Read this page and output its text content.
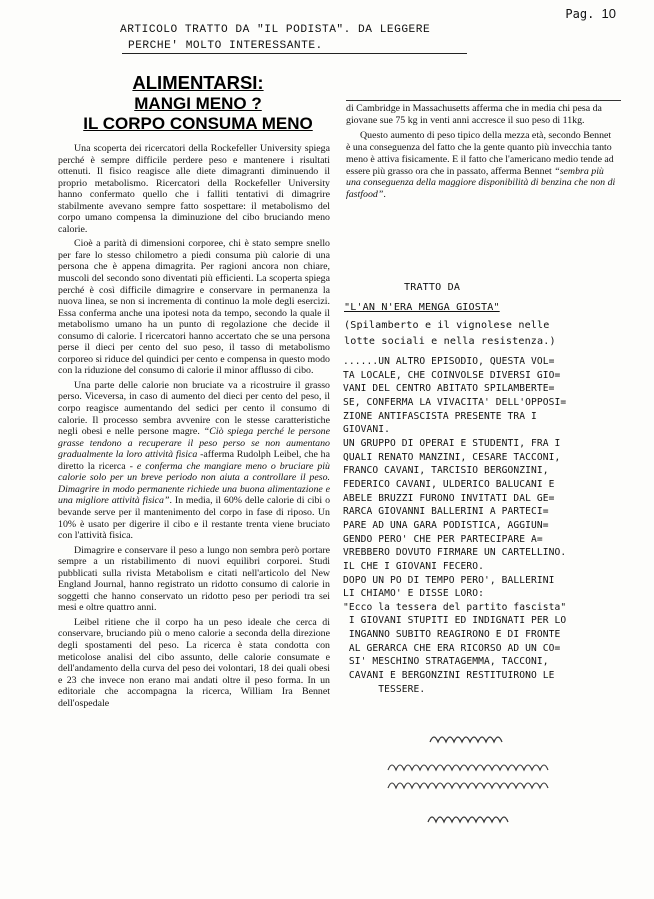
Pag. 10
ARTICOLO TRATTO DA "IL PODISTA". DA LEGGERE
PERCHE' MOLTO INTERESSANTE.
ALIMENTARSI:
MANGI MENO ?
IL CORPO CONSUMA MENO

Una scoperta dei ricercatori della Rockefeller University spiega perché è sempre difficile perdere peso e mantenere i risultati ottenuti. Il fisico reagisce alle diete dimagranti diminuendo il proprio metabolismo. Ricercatori della Rockefeller University hanno confermato quello che i falliti tentativi di dimagrire stabilmente avevano sempre fatto sospettare: il metabolismo del corpo umano compensa la diminuzione del cibo bruciando meno calorie.

Cioè a parità di dimensioni corporee, chi è stato sempre snello per fare lo stesso chilometro a piedi consuma più calorie di una persona che è appena dimagrita. Per ragioni ancora non chiare, muscoli del secondo sono diventati più efficienti. La scoperta spiega perché è così difficile dimagrire e conservare in permanenza la nuova linea, se non si incrementa di continuo la mole degli esercizi. Essa conferma anche una ipotesi nota da tempo, secondo la quale il metabolismo umano ha un punto di regolazione che decide il consumo di calorie. I ricercatori hanno accertato che se una persona perse il dieci per cento del suo peso, il tasso di metabolismo corporeo si riduce del quindici per cento e compensa in questo modo con la riduzione del consumo di calorie il minor afflusso di cibo.

Una parte delle calorie non bruciate va a ricostruire il grasso perso. Viceversa, in caso di aumento del dieci per cento del peso, il corpo reagisce aumentando del sedici per cento il consumo di calorie. Il processo sembra avvenire con le stesse caratteristiche negli obesi e nelle persone magre. “Ciò spiega perché le persone grasse tendono a recuperare il peso perso se non aumentano gradualmente la loro attività fisica -afferma Rudolph Leibel, che ha diretto la ricerca - e conferma che mangiare meno o bruciare più calorie solo per un breve periodo non aiuta a controllare il peso. Dimagrire in modo permanente richiede una buona alimentazione e una migliore attività fisica”. In media, il 60% delle calorie di cibi o bevande serve per il mantenimento del corpo in fase di riposo. Un 10% è usato per digerire il cibo e il restante trenta viene bruciato con l'attività fisica.

Dimagrire e conservare il peso a lungo non sembra però portare sempre a un ristabilimento di nuovi equilibri corporei. Studi pubblicati sulla rivista Metabolism e citati nell'articolo del New England Journal, hanno registrato un ridotto consumo di calorie in soggetti che hanno conservato un ridotto peso per periodi tra sei mesi e oltre quattro anni.

Leibel ritiene che il corpo ha un peso ideale che cerca di conservare, bruciando più o meno calorie a seconda della direzione degli spostamenti del peso. La ricerca è stata condotta con meticolose analisi del cibo assunto, delle calorie consumate e dell'andamento della curva del peso dei volontari, 18 dei quali obesi e 23 che invece non erano mai andati oltre il peso forma. In un editoriale che accompagna la ricerca, William Ira Bennet dell'ospedale

di Cambridge in Massachusetts afferma che in media chi pesa da giovane sue 75 kg in venti anni accresce il suo peso di 11kg.

Questo aumento di peso tipico della mezza età, secondo Bennet è una conseguenza del fatto che la gente quanto più invecchia tanto meno è attiva fisicamente. E il fatto che l'americano medio tende ad essere più grasso ora che in passato, afferma Bennet “sembra più una conseguenza della maggiore disponibilità di benzina che non di fastfood”.

TRATTO DA
"L'AN N'ERA MENGA GIOSTA"
(Spilamberto e il vignolese nelle
lotte sociali e nella resistenza.)
......UN ALTRO EPISODIO, QUESTA VOL=
TA LOCALE, CHE COINVOLSE DIVERSI GIO=
VANI DEL CENTRO ABITATO SPILAMBERTE=
SE, CONFERMA LA VIVACITA' DELL'OPPOSI=
ZIONE ANTIFASCISTA PRESENTE TRA I
GIOVANI.
UN GRUPPO DI OPERAI E STUDENTI, FRA I
QUALI RENATO MANZINI, CESARE TACCONI,
FRANCO CAVANI, TARCISIO BERGONZINI,
FEDERICO CAVANI, ULDERICO BALUCANI E
ABELE BRUZZI FURONO INVITATI DAL GE=
RARCA GIOVANNI BALLERINI A PARTECI=
PARE AD UNA GARA PODISTICA, AGGIUN=
GENDO PERO' CHE PER PARTECIPARE A=
VREBBERO DOVUTO FIRMARE UN CARTELLINO.
IL CHE I GIOVANI FECERO.
DOPO UN PO DI TEMPO PERO', BALLERINI
LI CHIAMO' E DISSE LORO:
"Ecco la tessera del partito fascista"
I GIOVANI STUPITI ED INDIGNATI PER LO
INGANNO SUBITO REAGIRONO E DI FRONTE
AL GERARCA CHE ERA RICORSO AD UN CO=
SI' MESCHINO STRATAGEMMA, TACCONI,
CAVANI E BERGONZINI RESTITUIRONO LE
TESSERE.
